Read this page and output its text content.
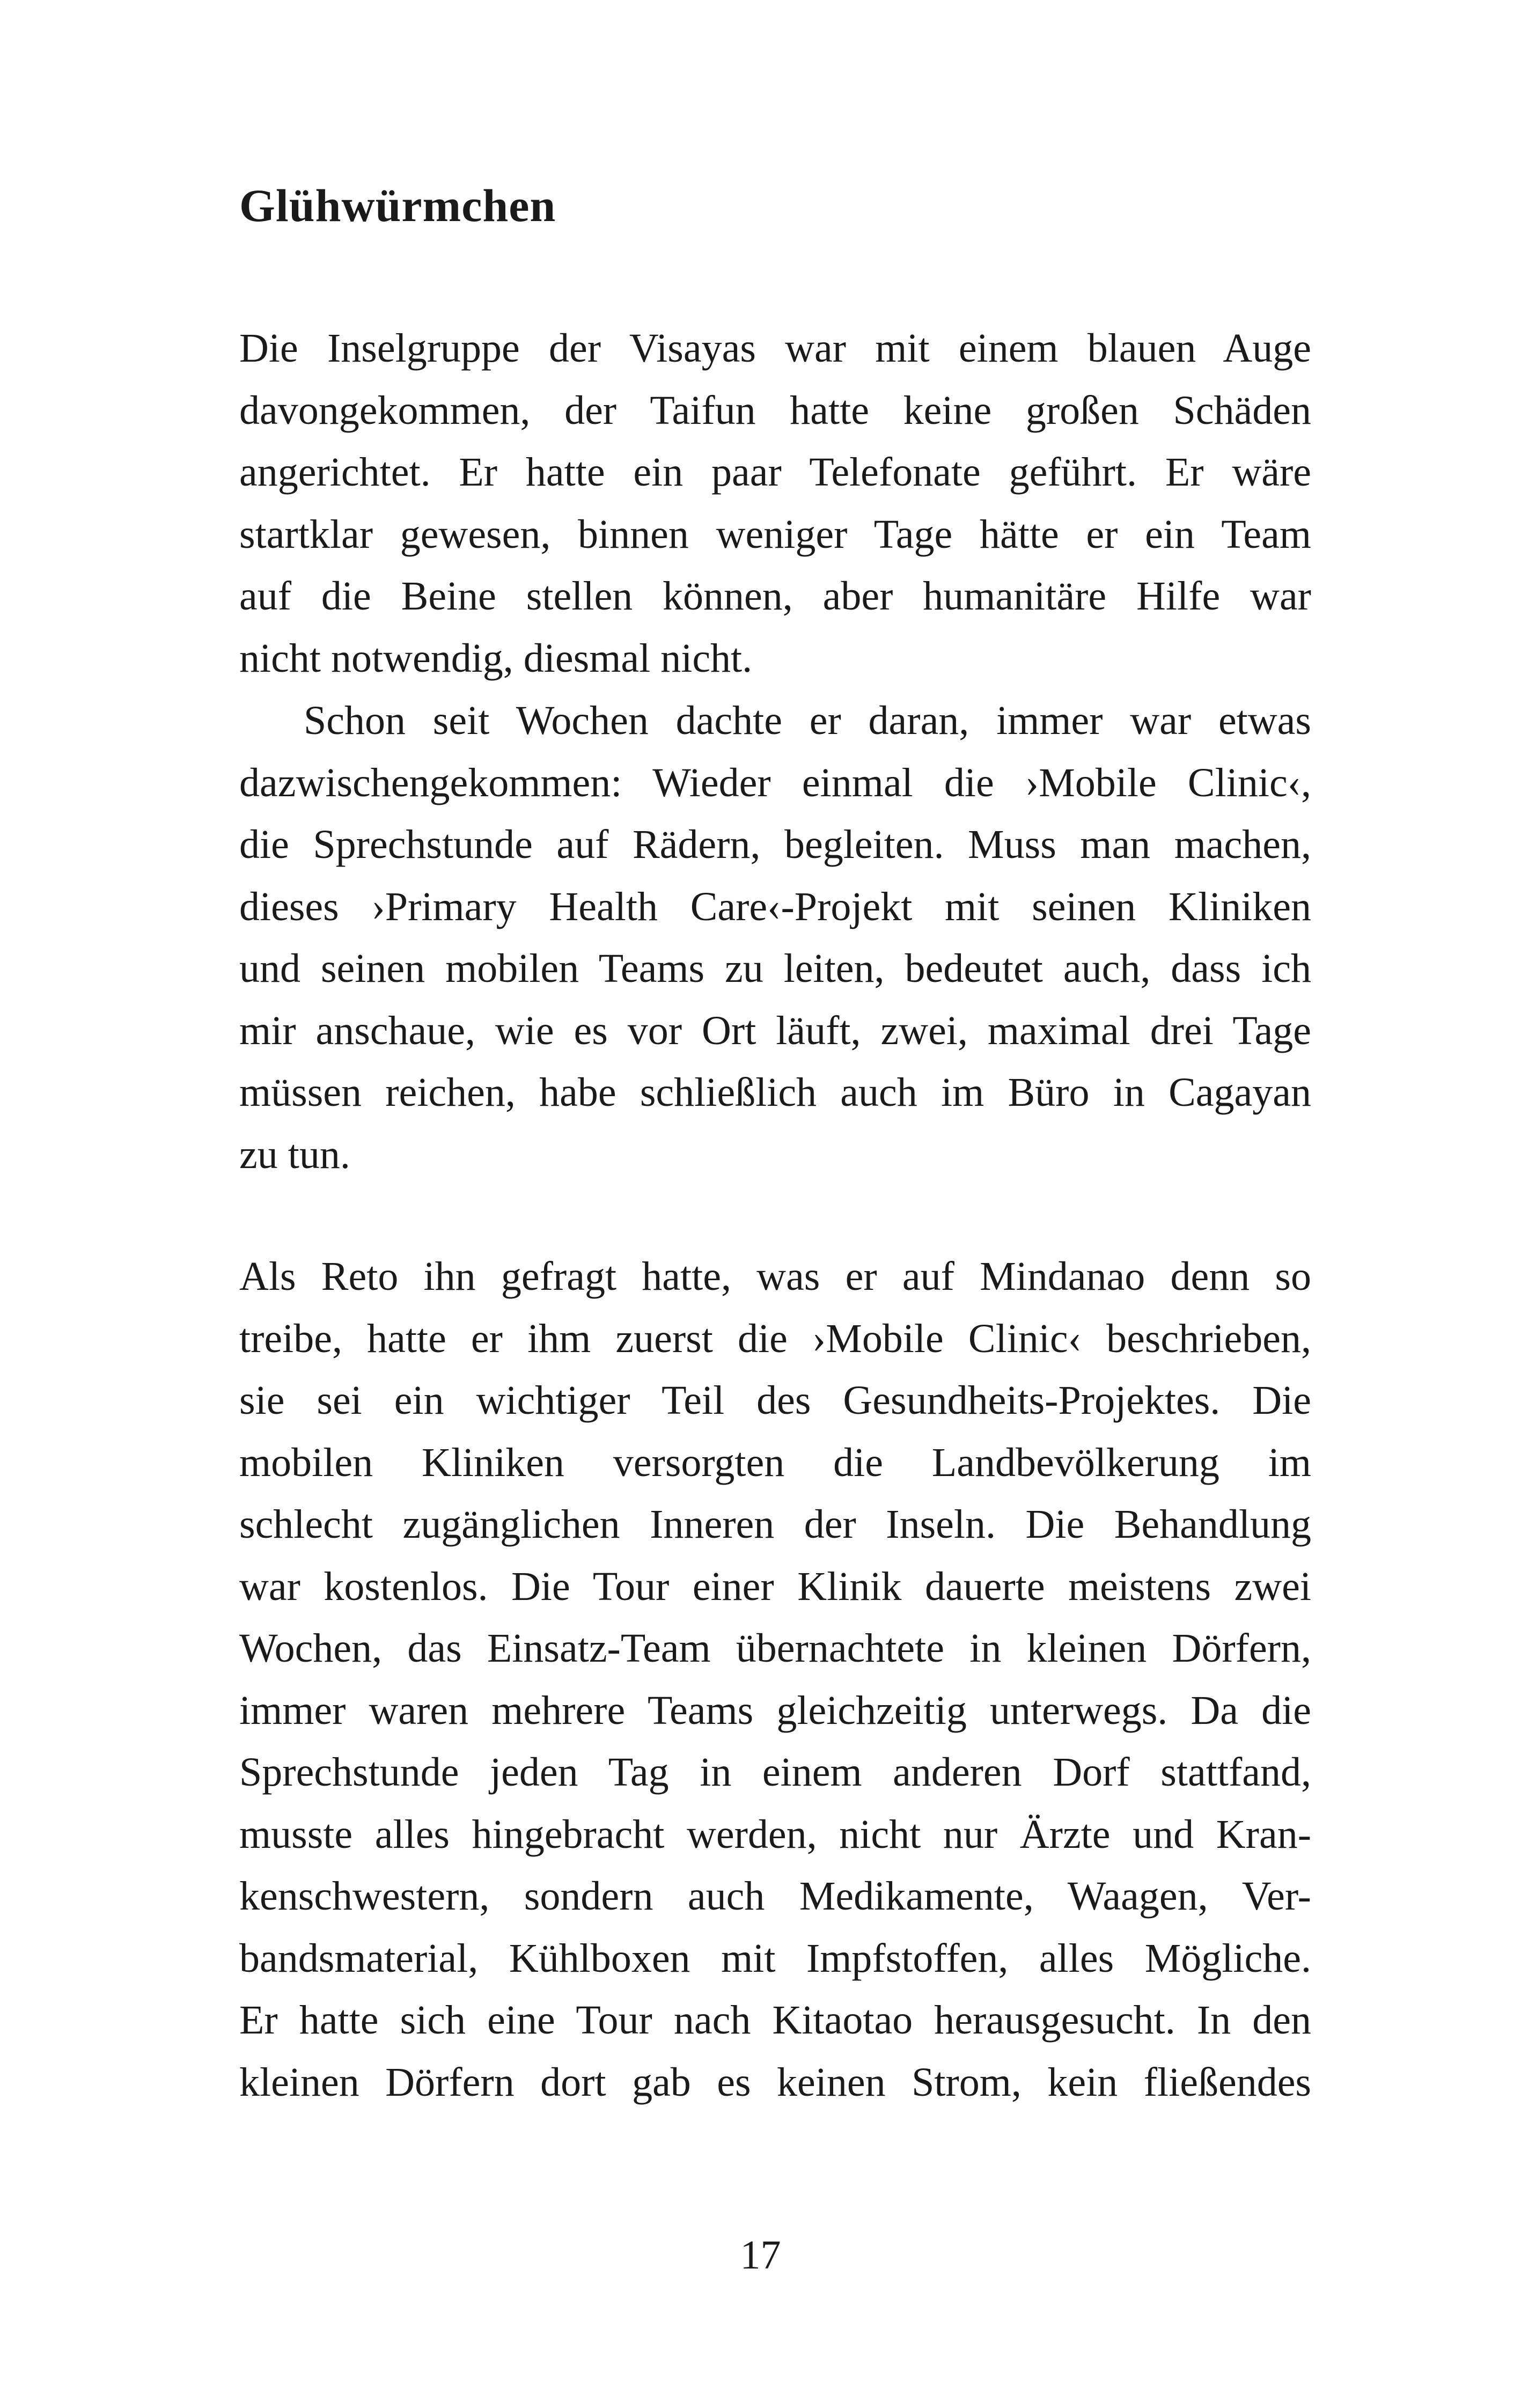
Glühwürmchen
Die Inselgruppe der Visayas war mit einem blauen Auge
davongekommen, der Taifun hatte keine großen Schäden
angerichtet. Er hatte ein paar Telefonate geführt. Er wäre
startklar gewesen, binnen weniger Tage hätte er ein Team
auf die Beine stellen können, aber humanitäre Hilfe war
nicht notwendig, diesmal nicht.
Schon seit Wochen dachte er daran, immer war etwas
dazwischengekommen: Wieder einmal die ›Mobile Clinic‹,
die Sprechstunde auf Rädern, begleiten. Muss man machen,
dieses ›Primary Health Care‹-Projekt mit seinen Kliniken
und seinen mobilen Teams zu leiten, bedeutet auch, dass ich
mir anschaue, wie es vor Ort läuft, zwei, maximal drei Tage
müssen reichen, habe schließlich auch im Büro in Cagayan
zu tun.
Als Reto ihn gefragt hatte, was er auf Mindanao denn so
treibe, hatte er ihm zuerst die ›Mobile Clinic‹ beschrieben,
sie sei ein wichtiger Teil des Gesundheits-Projektes. Die
mobilen Kliniken versorgten die Landbevölkerung im
schlecht zugänglichen Inneren der Inseln. Die Behandlung
war kostenlos. Die Tour einer Klinik dauerte meistens zwei
Wochen, das Einsatz-Team übernachtete in kleinen Dörfern,
immer waren mehrere Teams gleichzeitig unterwegs. Da die
Sprechstunde jeden Tag in einem anderen Dorf stattfand,
musste alles hingebracht werden, nicht nur Ärzte und Kran-
kenschwestern, sondern auch Medikamente, Waagen, Ver-
bandsmaterial, Kühlboxen mit Impfstoffen, alles Mögliche.
Er hatte sich eine Tour nach Kitaotao herausgesucht. In den
kleinen Dörfern dort gab es keinen Strom, kein fließendes
17
